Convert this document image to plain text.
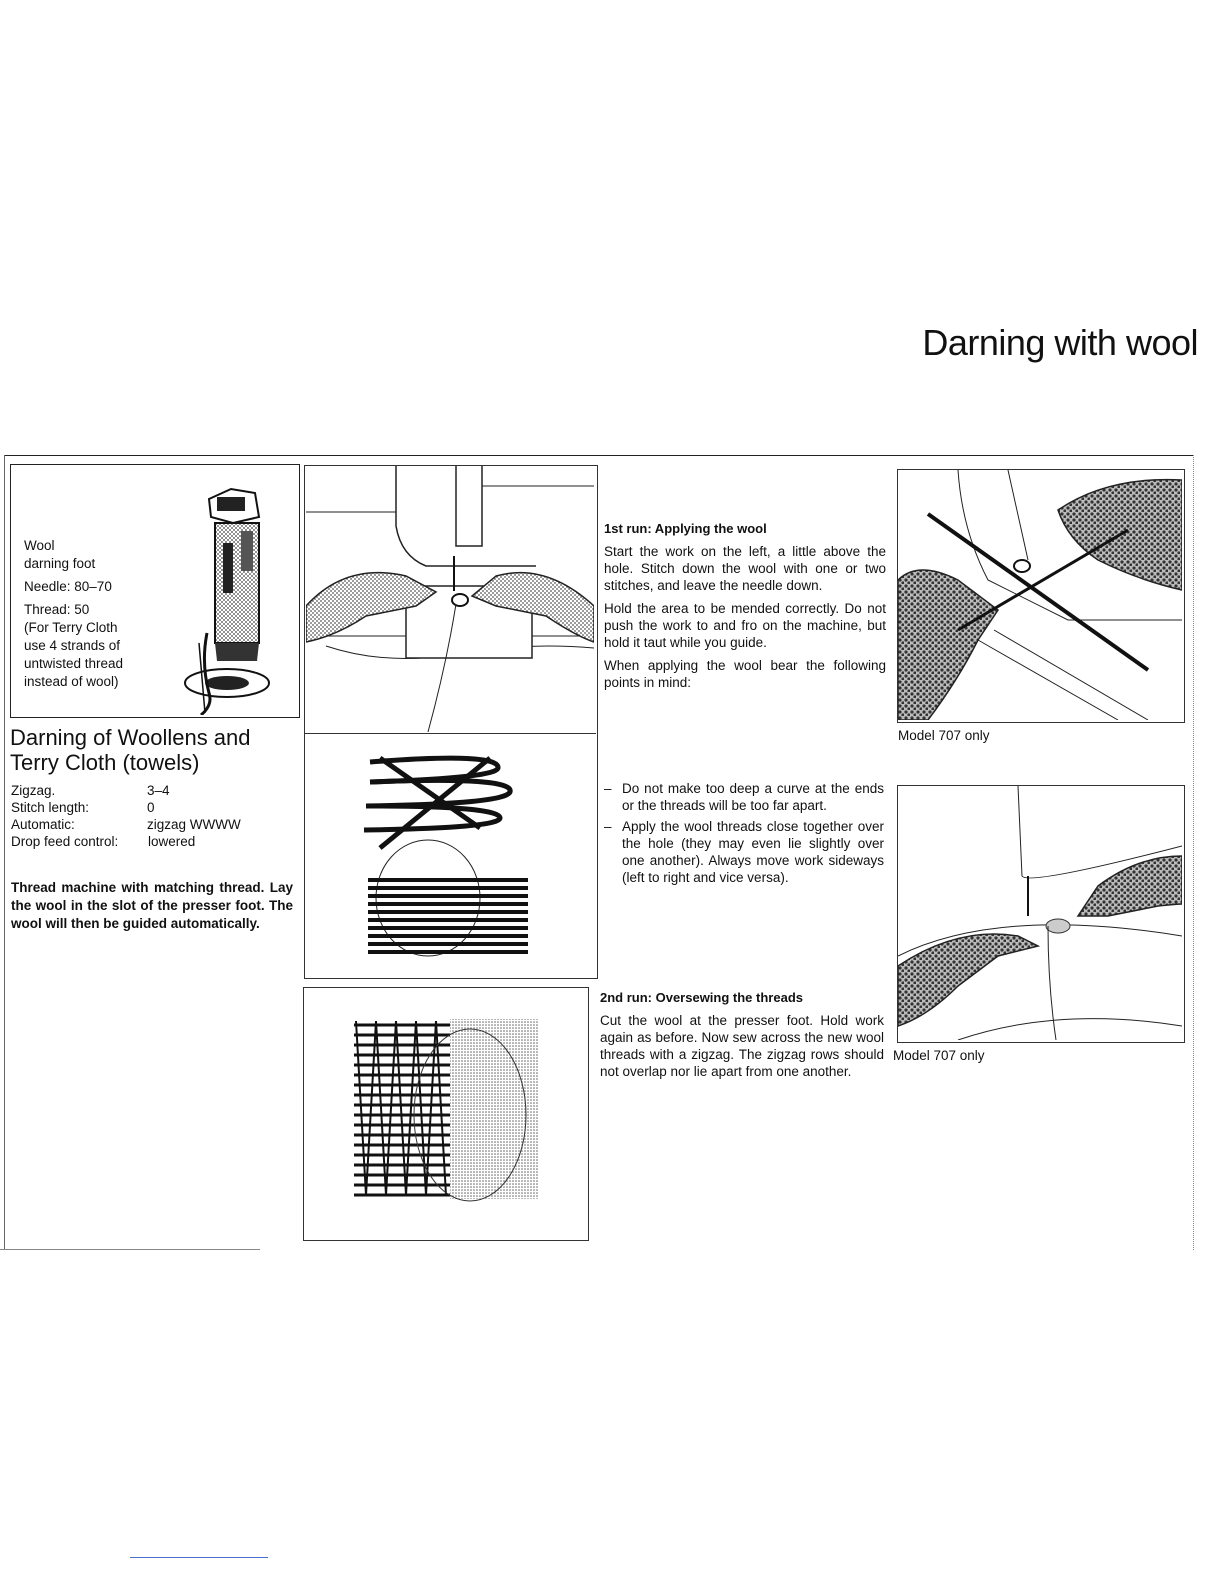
Darning with wool

Wool

darning foot

Needle: 80–70

Thread: 50

(For Terry Cloth

use 4 strands of

untwisted thread

instead of wool)

Darning of Woollens and
Terry Cloth (towels)
Zigzag.	3–4
Stitch length:	0
Automatic:	zigzag WWWW
Drop feed control: lowered
Thread machine with matching thread. Lay the wool in the slot of the presser foot. The wool will then be guided automatically.

1st run: Applying the wool

Start the work on the left, a little above the hole. Stitch down the wool with one or two stitches, and leave the needle down.

Hold the area to be mended correctly. Do not push the work to and fro on the machine, but hold it taut while you guide.

When applying the wool bear the following points in mind:

– Do not make too deep a curve at the ends or the threads will be too far apart.
– Apply the wool threads close together over the hole (they may even lie slightly over one another). Always move work sideways (left to right and vice versa).

2nd run: Oversewing the threads

Cut the wool at the presser foot. Hold work again as before. Now sew across the new wool threads with a zigzag. The zigzag rows should not overlap nor lie apart from one another.

Model 707 only
Model 707 only
